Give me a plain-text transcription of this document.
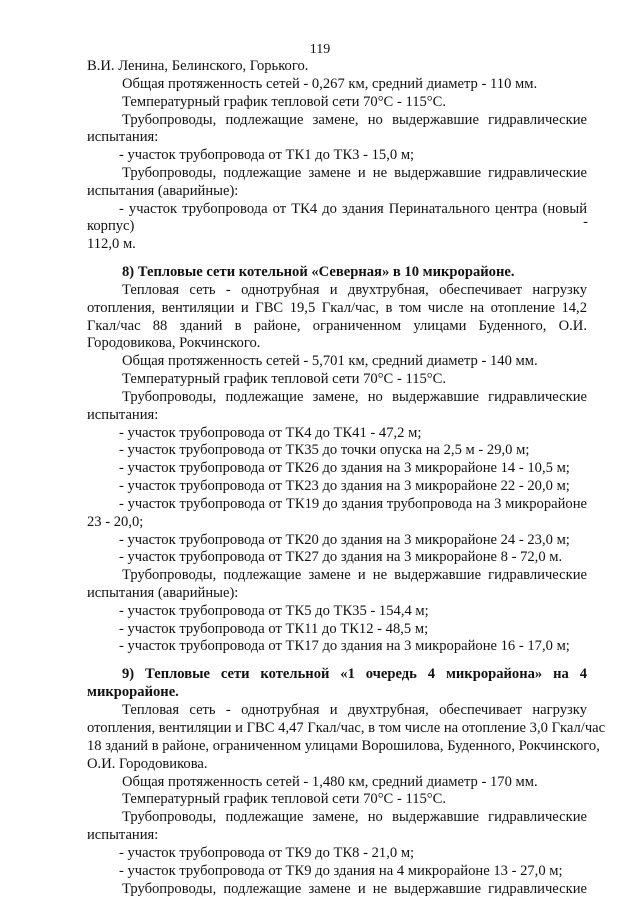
119
В.И. Ленина, Белинского, Горького.
Общая протяженность сетей - 0,267 км, средний диаметр - 110 мм.
Температурный график тепловой сети 70°С - 115°С.
Трубопроводы, подлежащие замене, но выдержавшие гидравлические
испытания:
- участок трубопровода от ТК1 до ТК3 - 15,0 м;
Трубопроводы, подлежащие замене и не выдержавшие гидравлические
испытания (аварийные):
- участок трубопровода от ТК4 до здания Перинатального центра (новый
корпус)
112,0 м.
8) Тепловые сети котельной «Северная» в 10 микрорайоне.
Тепловая сеть - однотрубная и двухтрубная, обеспечивает нагрузку
отопления, вентиляции и ГВС 19,5 Гкал/час, в том числе на отопление 14,2
Гкал/час 88 зданий в районе, ограниченном улицами Буденного, О.И.
Городовикова, Рокчинского.
Общая протяженность сетей - 5,701 км, средний диаметр - 140 мм.
Температурный график тепловой сети 70°С - 115°С.
Трубопроводы, подлежащие замене, но выдержавшие гидравлические
испытания:
- участок трубопровода от ТК4 до ТК41 - 47,2 м;
- участок трубопровода от ТК35 до точки опуска на 2,5 м - 29,0 м;
- участок трубопровода от ТК26 до здания на 3 микрорайоне 14 - 10,5 м;
- участок трубопровода от ТК23 до здания на 3 микрорайоне 22 - 20,0 м;
- участок трубопровода от ТК19 до здания трубопровода на 3 микрорайоне
23 - 20,0;
- участок трубопровода от ТК20 до здания на 3 микрорайоне 24 - 23,0 м;
- участок трубопровода от ТК27 до здания на 3 микрорайоне 8 - 72,0 м.
Трубопроводы, подлежащие замене и не выдержавшие гидравлические
испытания (аварийные):
- участок трубопровода от ТК5 до ТК35 - 154,4 м;
- участок трубопровода от ТК11 до ТК12 - 48,5 м;
- участок трубопровода от ТК17 до здания на 3 микрорайоне 16 - 17,0 м;
9) Тепловые сети котельной «1 очередь 4 микрорайона» на 4
микрорайоне.
Тепловая сеть - однотрубная и двухтрубная, обеспечивает нагрузку
отопления, вентиляции и ГВС 4,47 Гкал/час, в том числе на отопление 3,0 Гкал/час
18 зданий в районе, ограниченном улицами Ворошилова, Буденного, Рокчинского,
О.И. Городовикова.
Общая протяженность сетей - 1,480 км, средний диаметр - 170 мм.
Температурный график тепловой сети 70°С - 115°С.
Трубопроводы, подлежащие замене, но выдержавшие гидравлические
испытания:
- участок трубопровода от ТК9 до ТК8 - 21,0 м;
- участок трубопровода от ТК9 до здания на 4 микрорайоне 13 - 27,0 м;
Трубопроводы, подлежащие замене и не выдержавшие гидравлические
-
